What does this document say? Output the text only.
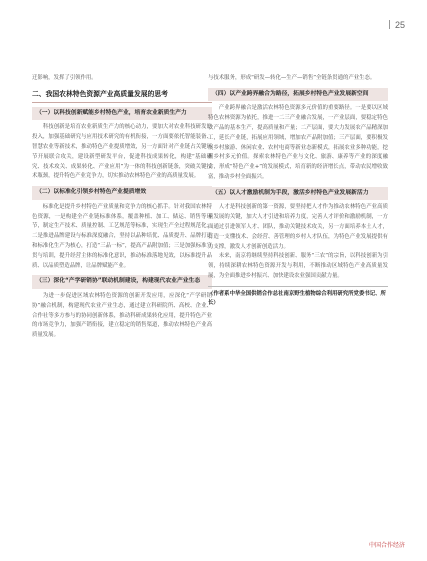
25

迁影响，发挥了引领作用。

二、我国农林特色资源产业高质量发展的思考
（一）以科技创新赋能乡村特色产业，培育农业新质生产力

科技创新是培育农业新质生产力的核心动力，要加大对农业科技研发的投入，加强基础研究与应用技术研究的有机衔接，一方面要依托智能装备、智慧农业等新技术，推动特色产业提质增效，另一方面针对产业链占关键环节开展联合攻关，建设新型研发平台，促进科技成果转化，构建“基础研究、技术攻关、成果转化、产业应用”为一体的科技创新链条，突破关键技术瓶颈，提升特色产业竞争力，切实推动农林特色产业的高质量发展。

（二）以标准化引领乡村特色产业提质增效

标准化是提升乡村特色产业质量和竞争力的核心抓手。针对我国农林特色资源，一是构建全产业链标准体系，覆盖种植、加工、储运、销售等环节，制定生产技术、质量控制、工艺规范等标准，实现生产全过程规范化；二是推进品牌建设与标准深度融合，坚持以品种培优、品质提升、品牌打造和标准化生产为核心，打造“三品一标”，提高产品附加值；三是加强标准宣贯与培训，提升经营主体的标准化意识，推动标准落地见效，以标准提升品质、以品质塑造品牌，让品牌赋能产业。

（三）深化“产学研销协”联动机制建设，构建现代农业产业生态

为进一步促进区域农林特色资源的创新开发应用，应深化“产学研销协”融合机制，构建现代农业产业生态，通过建立科研院所、高校、企业、合作社等多方参与的协同创新体系，推动科研成果转化应用，提升特色产业的市场竞争力，加强产销衔接，建立稳定的销售渠道，推动农林特色产业高质量发展。

与技术服务，形成“研发—转化—生产—销售”全链条贯通的产业生态。

（四）以产业跨界融合为路径，拓展乡村特色产业发展新空间

产业跨界融合是激活农林特色资源多元价值的重要路径。一是要以区域特色农林资源为依托，推进一二三产业融合发展，一产业层面，要稳定特色农产品的基本生产，提高质量和产量；二产层面，要大力发展农产品精深加工，延长产业链，拓展应用领域，增加农产品附加值；三产层面，要积极发展乡村旅游、休闲农业、农村电商等新业态新模式，拓展农业多种功能，挖掘乡村多元价值。探索农林特色产业与文化、旅游、康养等产业的深度融合，形成“特色产业+”的发展模式，培育新的经济增长点，带动农民增收致富，推动乡村全面振兴。

（五）以人才激励机制为手段，激活乡村特色产业发展新活力

人才是科技创新的第一资源，要坚持把人才作为推动农林特色产业高质量发展的关键，加大人才引进和培养力度，完善人才评价和激励机制，一方面通过引进领军人才、团队，推动关键技术攻关，另一方面培养本土人才，打造一支懂技术、会经营、善管理的乡村人才队伍，为特色产业发展提供有力支撑，激发人才创新创造活力。

未来，南京将继续坚持科技创新、服务“三农”的宗旨，以科技创新为引领，持续深耕农林特色资源开发与利用，不断推动区域特色产业高质量发展，为全面推进乡村振兴、加快建设农业强国贡献力量。

（作者系中华全国供销合作总社南京野生植物综合利用研究所党委书记、所长）
中国合作经济
